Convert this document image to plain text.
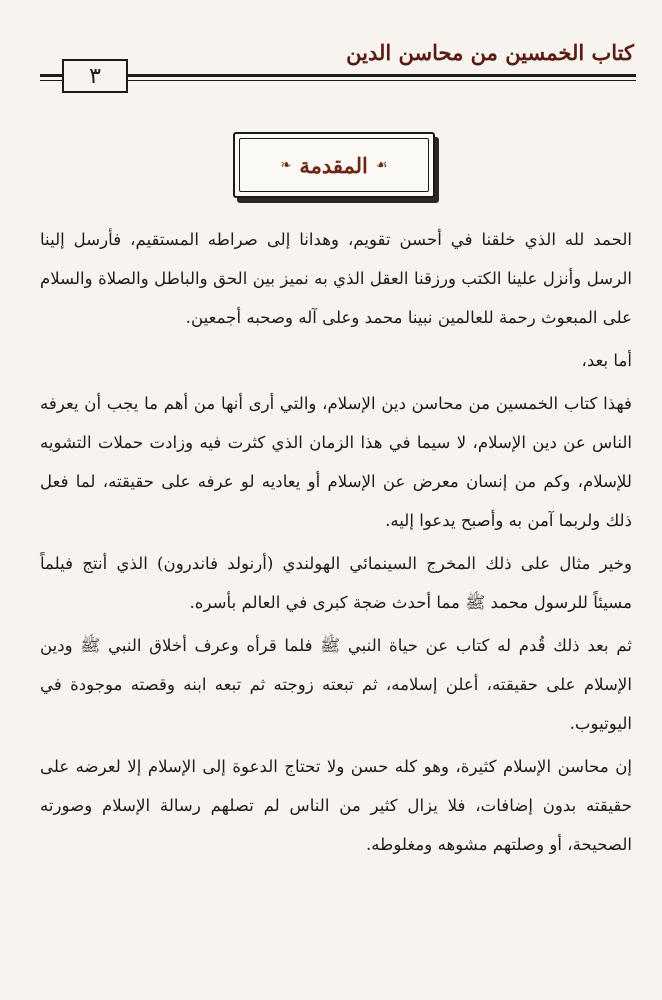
كتاب الخمسين من محاسن الدين
٣
☙
المقدمة
❧

الحمد لله الذي خلقنا في أحسن تقويم، وهدانا إلى صراطه المستقيم، فأرسل إلينا الرسل وأنزل علينا الكتب ورزقنا العقل الذي به نميز بين الحق والباطل والصلاة والسلام على المبعوث رحمة للعالمين نبينا محمد وعلى آله وصحبه أجمعين.

أما بعد،

فهذا كتاب الخمسين من محاسن دين الإسلام، والتي أرى أنها من أهم ما يجب أن يعرفه الناس عن دين الإسلام، لا سيما في هذا الزمان الذي كثرت فيه وزادت حملات التشويه للإسلام، وكم من إنسان معرض عن الإسلام أو يعاديه لو عرفه على حقيقته، لما فعل ذلك ولربما آمن به وأصبح يدعوا إليه.

وخير مثال على ذلك المخرج السينمائي الهولندي (أرنولد فاندرون) الذي أنتج فيلماً مسيئاً للرسول محمد ﷺ مما أحدث ضجة كبرى في العالم بأسره.

ثم بعد ذلك قُدم له كتاب عن حياة النبي ﷺ فلما قرأه وعرف أخلاق النبي ﷺ ودين الإسلام على حقيقته، أعلن إسلامه، ثم تبعته زوجته ثم تبعه ابنه وقصته موجودة في اليوتيوب.

إن محاسن الإسلام كثيرة، وهو كله حسن ولا تحتاج الدعوة إلى الإسلام إلا لعرضه على حقيقته بدون إضافات، فلا يزال كثير من الناس لم تصلهم رسالة الإسلام وصورته الصحيحة، أو وصلتهم مشوهه ومغلوطه.
